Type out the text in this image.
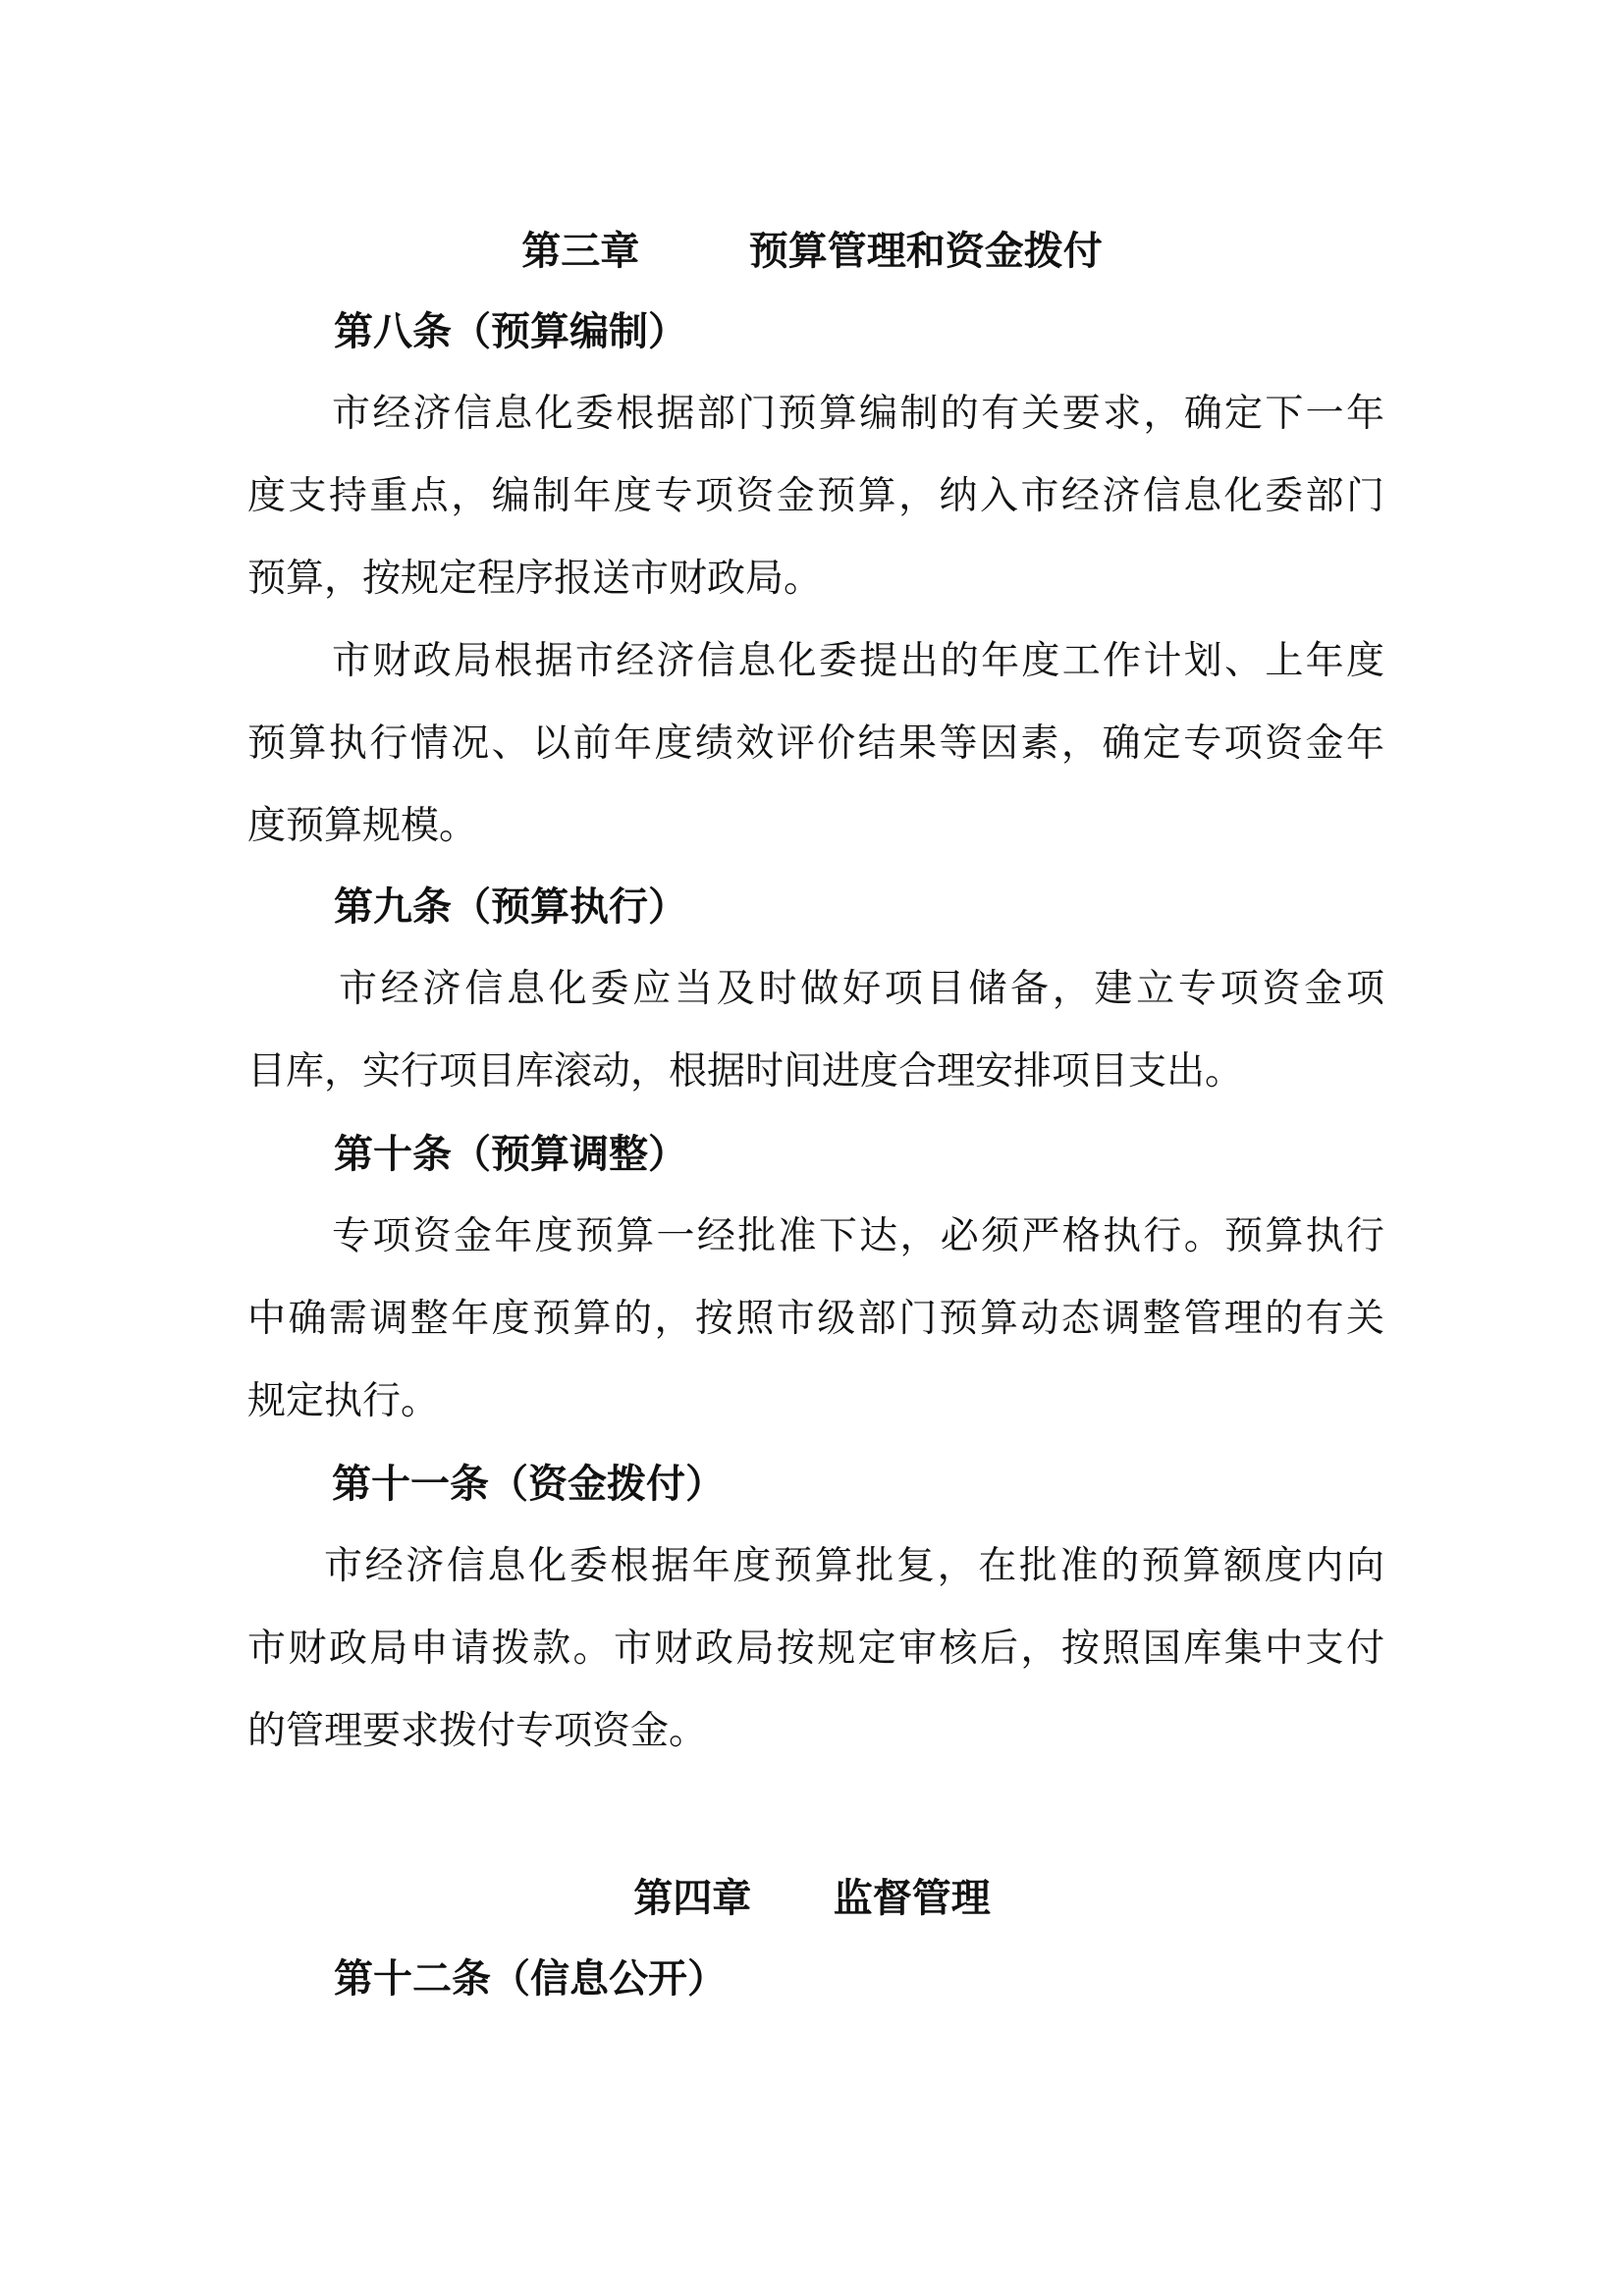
第三章        预算管理和资金拨付
第八条（预算编制）
市经济信息化委根据部门预算编制的有关要求，确定下一年
度支持重点，编制年度专项资金预算，纳入市经济信息化委部门
预算，按规定程序报送市财政局。
市财政局根据市经济信息化委提出的年度工作计划、上年度
预算执行情况、以前年度绩效评价结果等因素，确定专项资金年
度预算规模。
第九条（预算执行）
市经济信息化委应当及时做好项目储备，建立专项资金项
目库，实行项目库滚动，根据时间进度合理安排项目支出。
第十条（预算调整）
专项资金年度预算一经批准下达，必须严格执行。预算执行
中确需调整年度预算的，按照市级部门预算动态调整管理的有关
规定执行。
第十一条（资金拨付）
市经济信息化委根据年度预算批复，在批准的预算额度内向
市财政局申请拨款。市财政局按规定审核后，按照国库集中支付
的管理要求拨付专项资金。
第四章      监督管理
第十二条（信息公开）
